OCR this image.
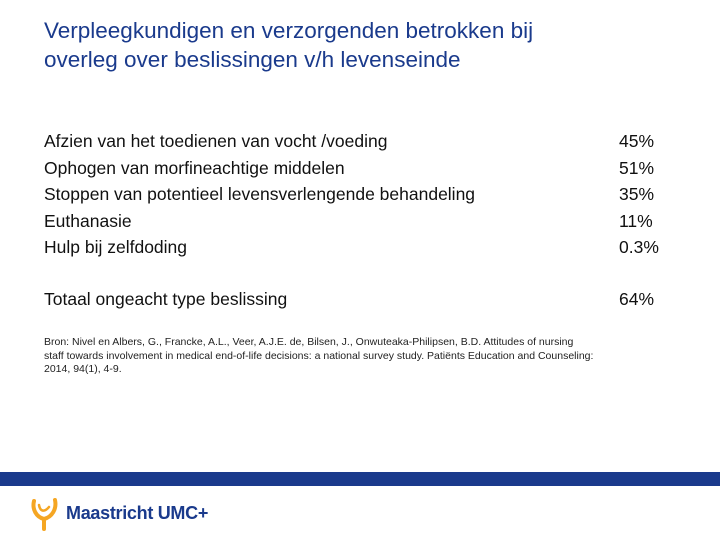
Verpleegkundigen en verzorgenden betrokken bij
overleg over beslissingen v/h levenseinde
Afzien van het toedienen van vocht /voeding	45%
Ophogen van morfineachtige middelen	51%
Stoppen van potentieel levensverlengende behandeling	35%
Euthanasie	11%
Hulp bij zelfdoding	0.3%
Totaal ongeacht type beslissing	64%
Bron: Nivel en Albers, G., Francke, A.L., Veer, A.J.E. de, Bilsen, J., Onwuteaka-Philipsen, B.D. Attitudes of nursing
staff towards involvement in medical end-of-life decisions: a national survey study. Patiënts Education and Counseling:
2014, 94(1), 4-9.
Maastricht UMC+
